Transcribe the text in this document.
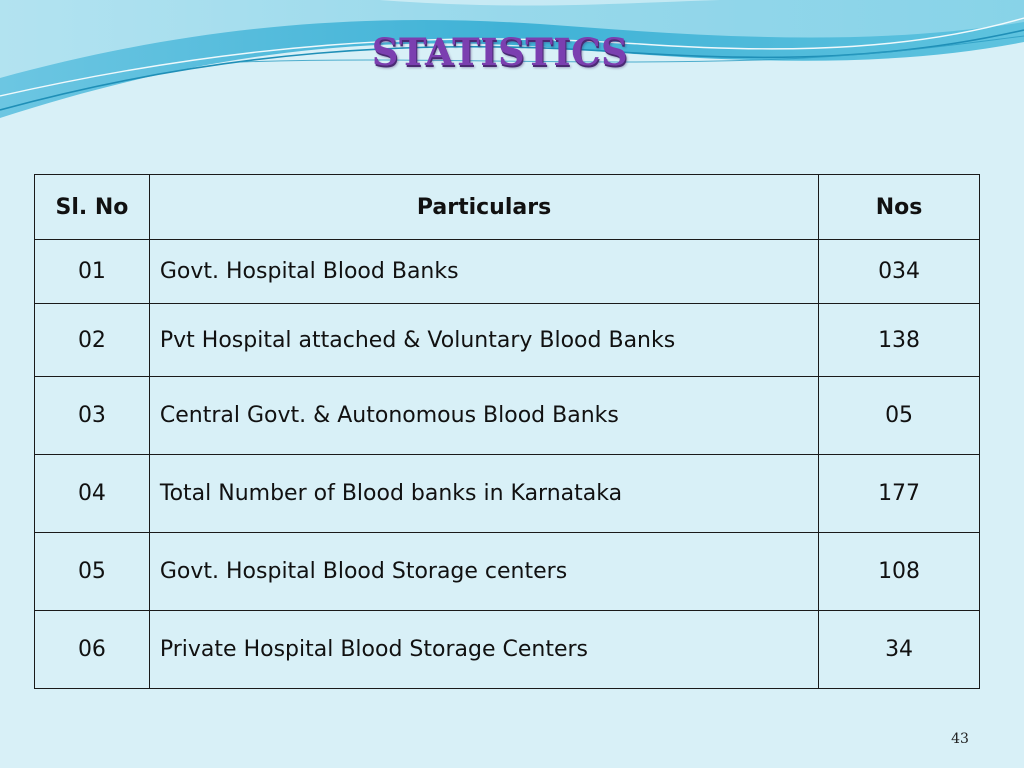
STATISTICS
Sl. No	Particulars	Nos
01	Govt. Hospital Blood Banks	034
02	Pvt Hospital attached & Voluntary Blood Banks	138
03	Central Govt. & Autonomous Blood Banks	05
04	Total Number of Blood banks in Karnataka	177
05	Govt. Hospital Blood Storage centers	108
06	Private Hospital Blood Storage Centers	34
43
